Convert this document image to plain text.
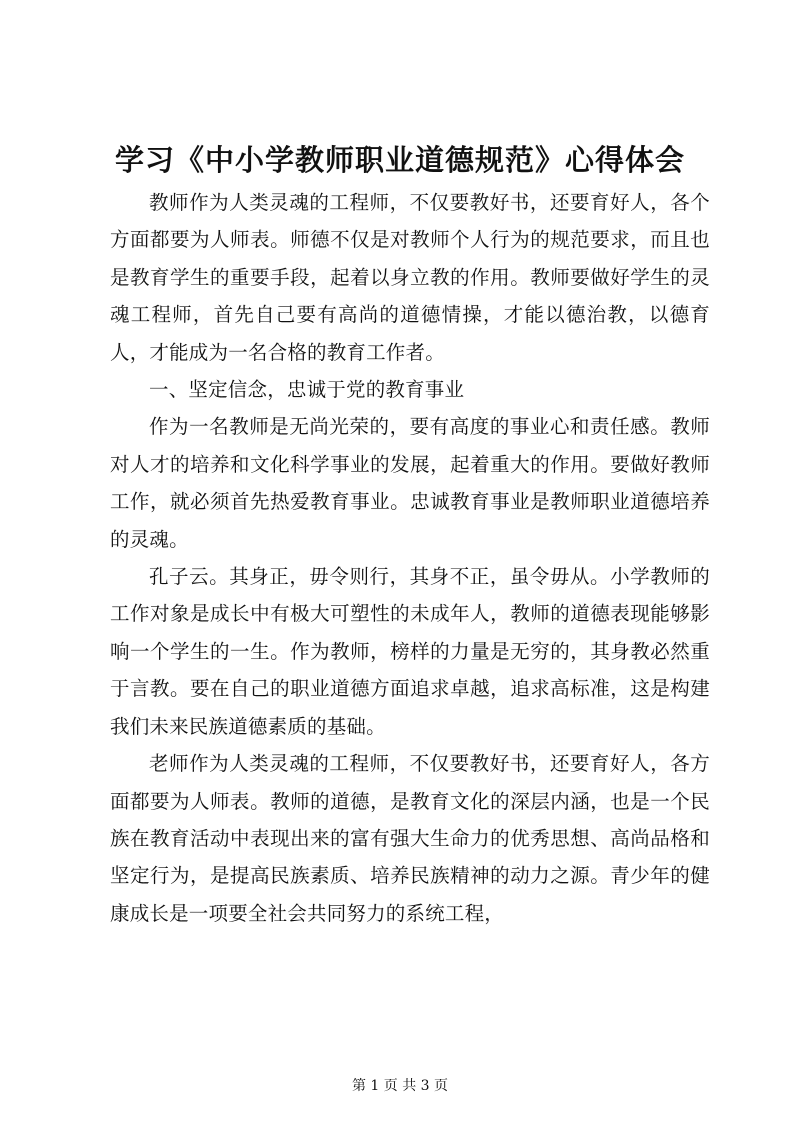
学习《中小学教师职业道德规范》心得体会

教师作为人类灵魂的工程师，不仅要教好书，还要育好人，各个方面都要为人师表。师德不仅是对教师个人行为的规范要求，而且也是教育学生的重要手段，起着以身立教的作用。教师要做好学生的灵魂工程师，首先自己要有高尚的道德情操，才能以德治教，以德育人，才能成为一名合格的教育工作者。

一、坚定信念，忠诚于党的教育事业

作为一名教师是无尚光荣的，要有高度的事业心和责任感。教师对人才的培养和文化科学事业的发展，起着重大的作用。要做好教师工作，就必须首先热爱教育事业。忠诚教育事业是教师职业道德培养的灵魂。

孔子云。其身正，毋令则行，其身不正，虽令毋从。小学教师的工作对象是成长中有极大可塑性的未成年人，教师的道德表现能够影响一个学生的一生。作为教师，榜样的力量是无穷的，其身教必然重于言教。要在自己的职业道德方面追求卓越，追求高标准，这是构建我们未来民族道德素质的基础。

老师作为人类灵魂的工程师，不仅要教好书，还要育好人，各方面都要为人师表。教师的道德，是教育文化的深层内涵，也是一个民族在教育活动中表现出来的富有强大生命力的优秀思想、高尚品格和坚定行为，是提高民族素质、培养民族精神的动力之源。青少年的健康成长是一项要全社会共同努力的系统工程，

第 1 页 共 3 页
